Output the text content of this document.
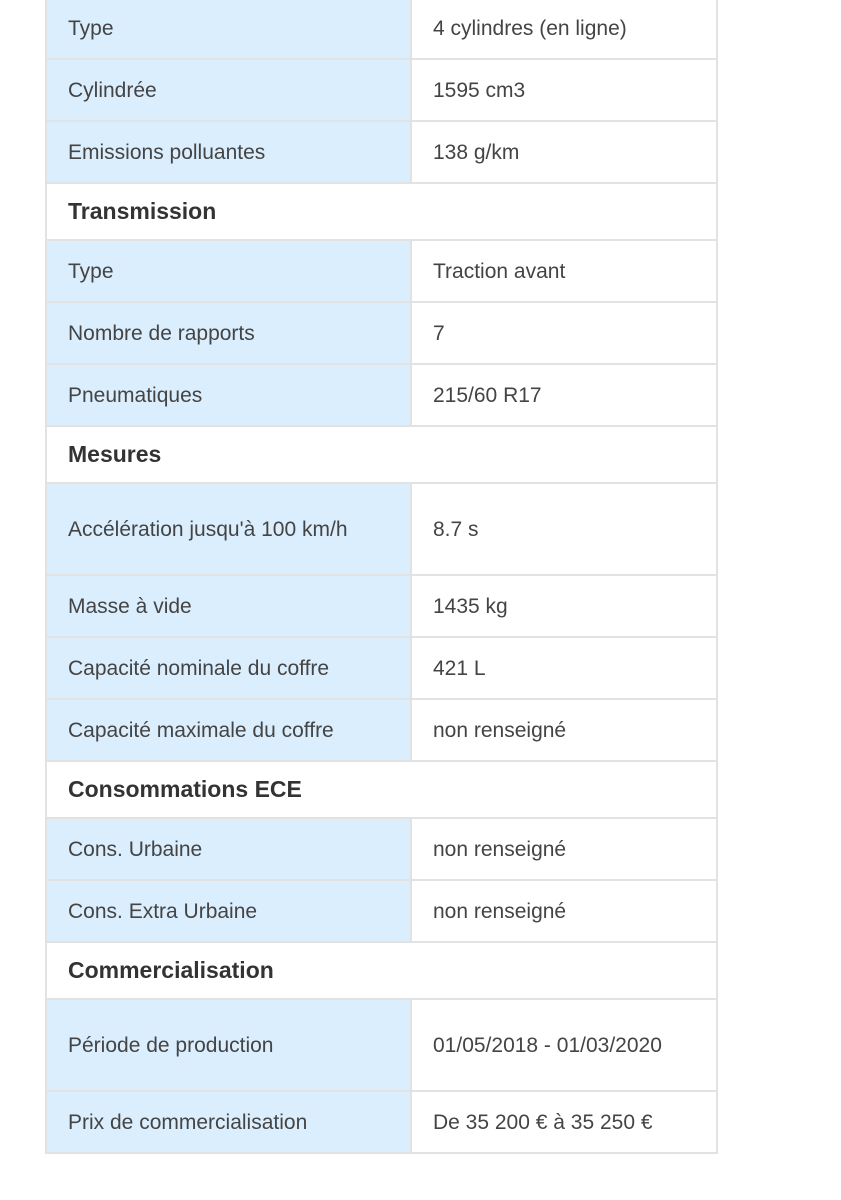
Type	4 cylindres (en ligne)
Cylindrée	1595 cm3
Emissions polluantes	138 g/km
Transmission	
Type	Traction avant
Nombre de rapports	7
Pneumatiques	215/60 R17
Mesures	
Accélération jusqu'à 100 km/h	8.7 s
Masse à vide	1435 kg
Capacité nominale du coffre	421 L
Capacité maximale du coffre	non renseigné
Consommations ECE	
Cons. Urbaine	non renseigné
Cons. Extra Urbaine	non renseigné
Commercialisation	
Période de production	01/05/2018 - 01/03/2020
Prix de commercialisation	De 35 200 € à 35 250 €
